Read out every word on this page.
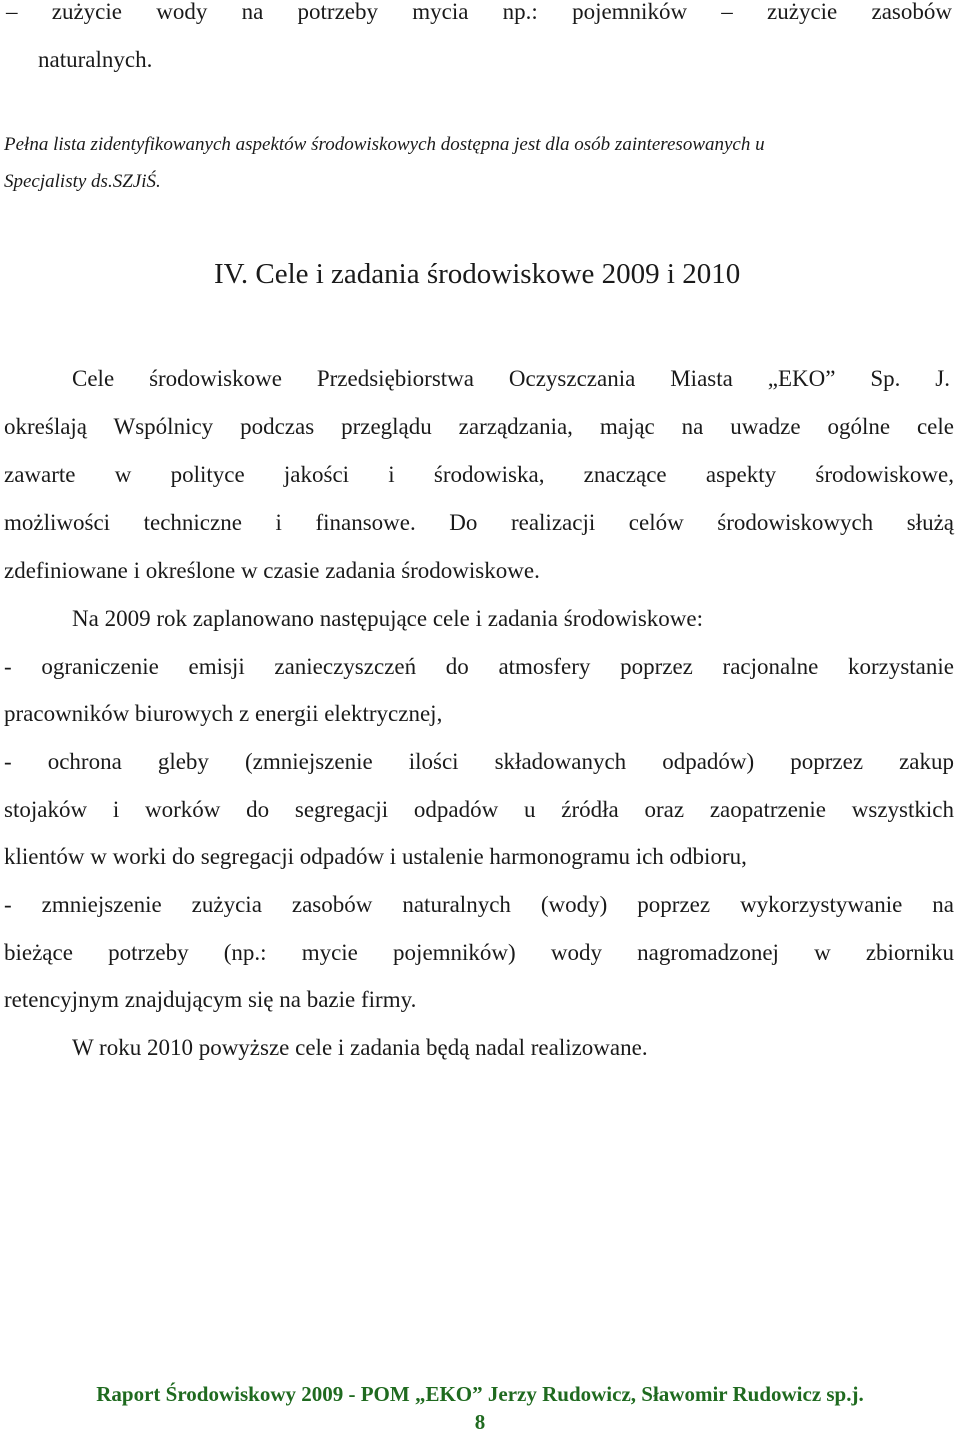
– zużycie wody na potrzeby mycia np.: pojemników – zużycie zasobów
naturalnych.
Pełna lista zidentyfikowanych aspektów środowiskowych dostępna jest dla osób zainteresowanych u
Specjalisty ds.SZJiŚ.
IV. Cele i zadania środowiskowe 2009 i 2010
Cele środowiskowe Przedsiębiorstwa Oczyszczania Miasta „EKO” Sp. J.
określają Wspólnicy podczas przeglądu zarządzania, mając na uwadze ogólne cele
zawarte w polityce jakości i środowiska, znaczące aspekty środowiskowe,
możliwości techniczne i finansowe. Do realizacji celów środowiskowych służą
zdefiniowane i określone w czasie zadania środowiskowe.
Na 2009 rok zaplanowano następujące cele i zadania środowiskowe:
- ograniczenie emisji zanieczyszczeń do atmosfery poprzez racjonalne korzystanie
pracowników biurowych z energii elektrycznej,
- ochrona gleby (zmniejszenie ilości składowanych odpadów) poprzez zakup
stojaków i worków do segregacji odpadów u źródła oraz zaopatrzenie wszystkich
klientów w worki do segregacji odpadów i ustalenie harmonogramu ich odbioru,
- zmniejszenie zużycia zasobów naturalnych (wody) poprzez wykorzystywanie na
bieżące potrzeby (np.: mycie pojemników) wody nagromadzonej w zbiorniku
retencyjnym znajdującym się na bazie firmy.
W roku 2010 powyższe cele i zadania będą nadal realizowane.
Raport Środowiskowy 2009 - POM „EKO” Jerzy Rudowicz, Sławomir Rudowicz sp.j.
8
